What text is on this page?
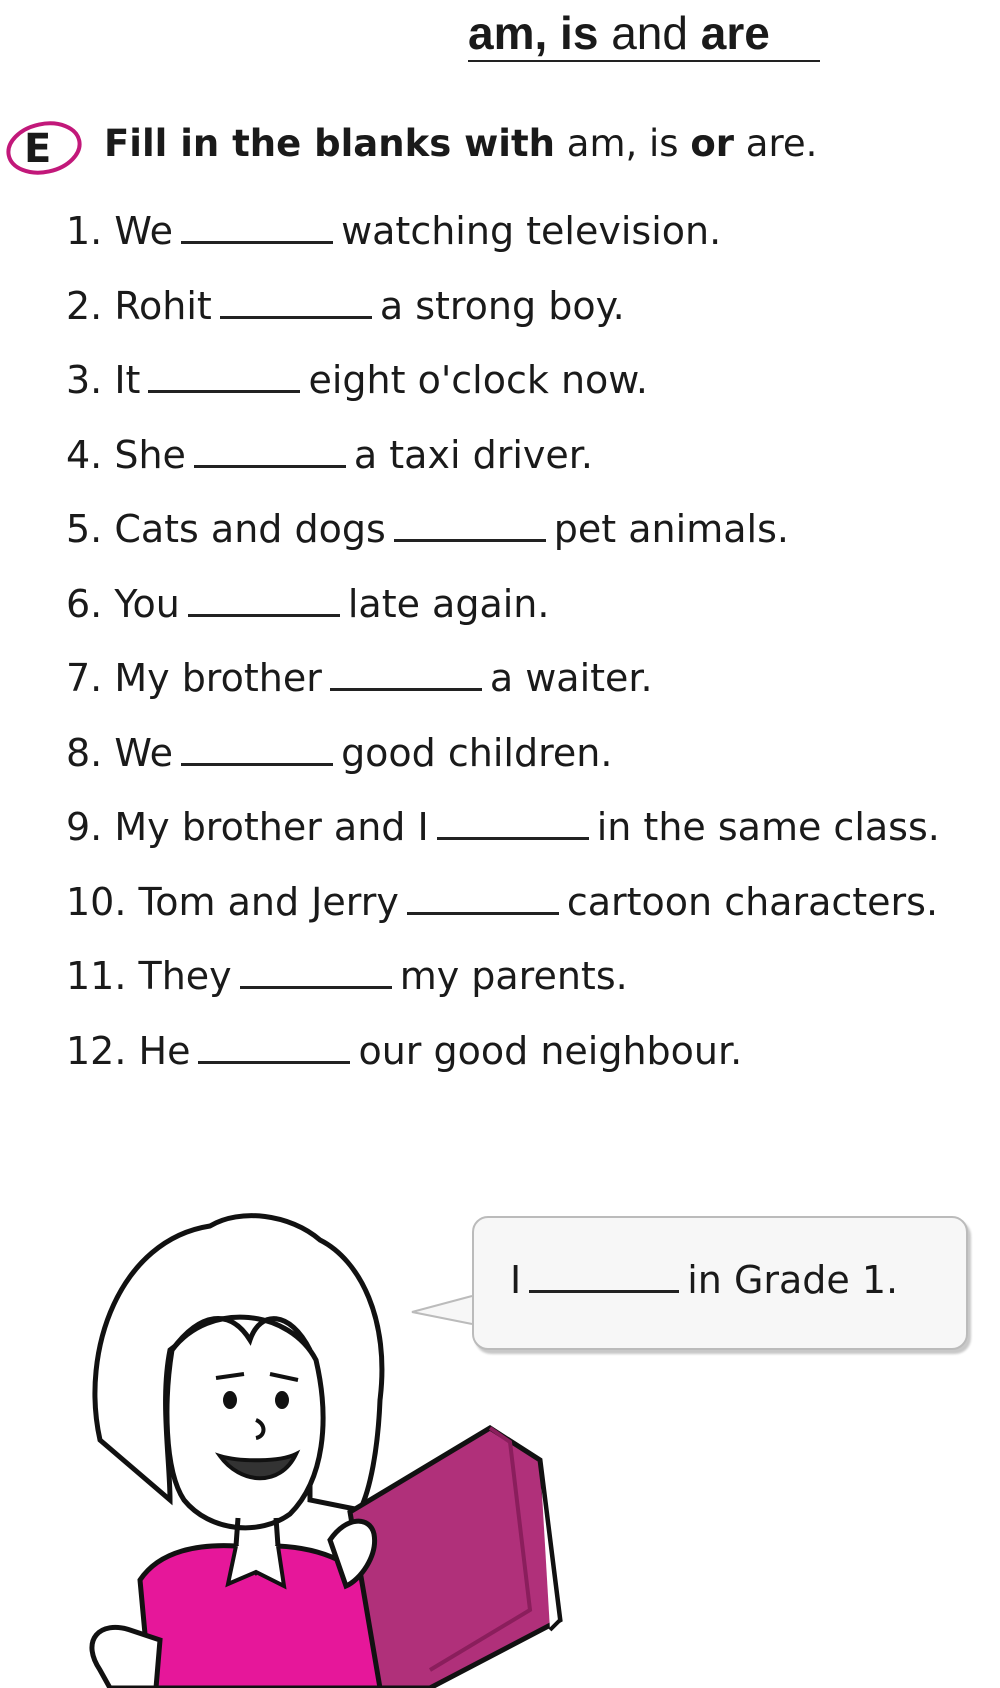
am, is and are
E Fill in the blanks with am, is or are.
1. We	watching television.
2. Rohit	a strong boy.
3. It	eight o'clock now.
4. She	a taxi driver.
5. Cats and dogs	pet animals.
6. You	late again.
7. My brother	a waiter.
8. We	good children.
9. My brother and I	in the same class.
10. Tom and Jerry	cartoon characters.
11. They	my parents.
12. He	our good neighbour.
I	in Grade 1.
